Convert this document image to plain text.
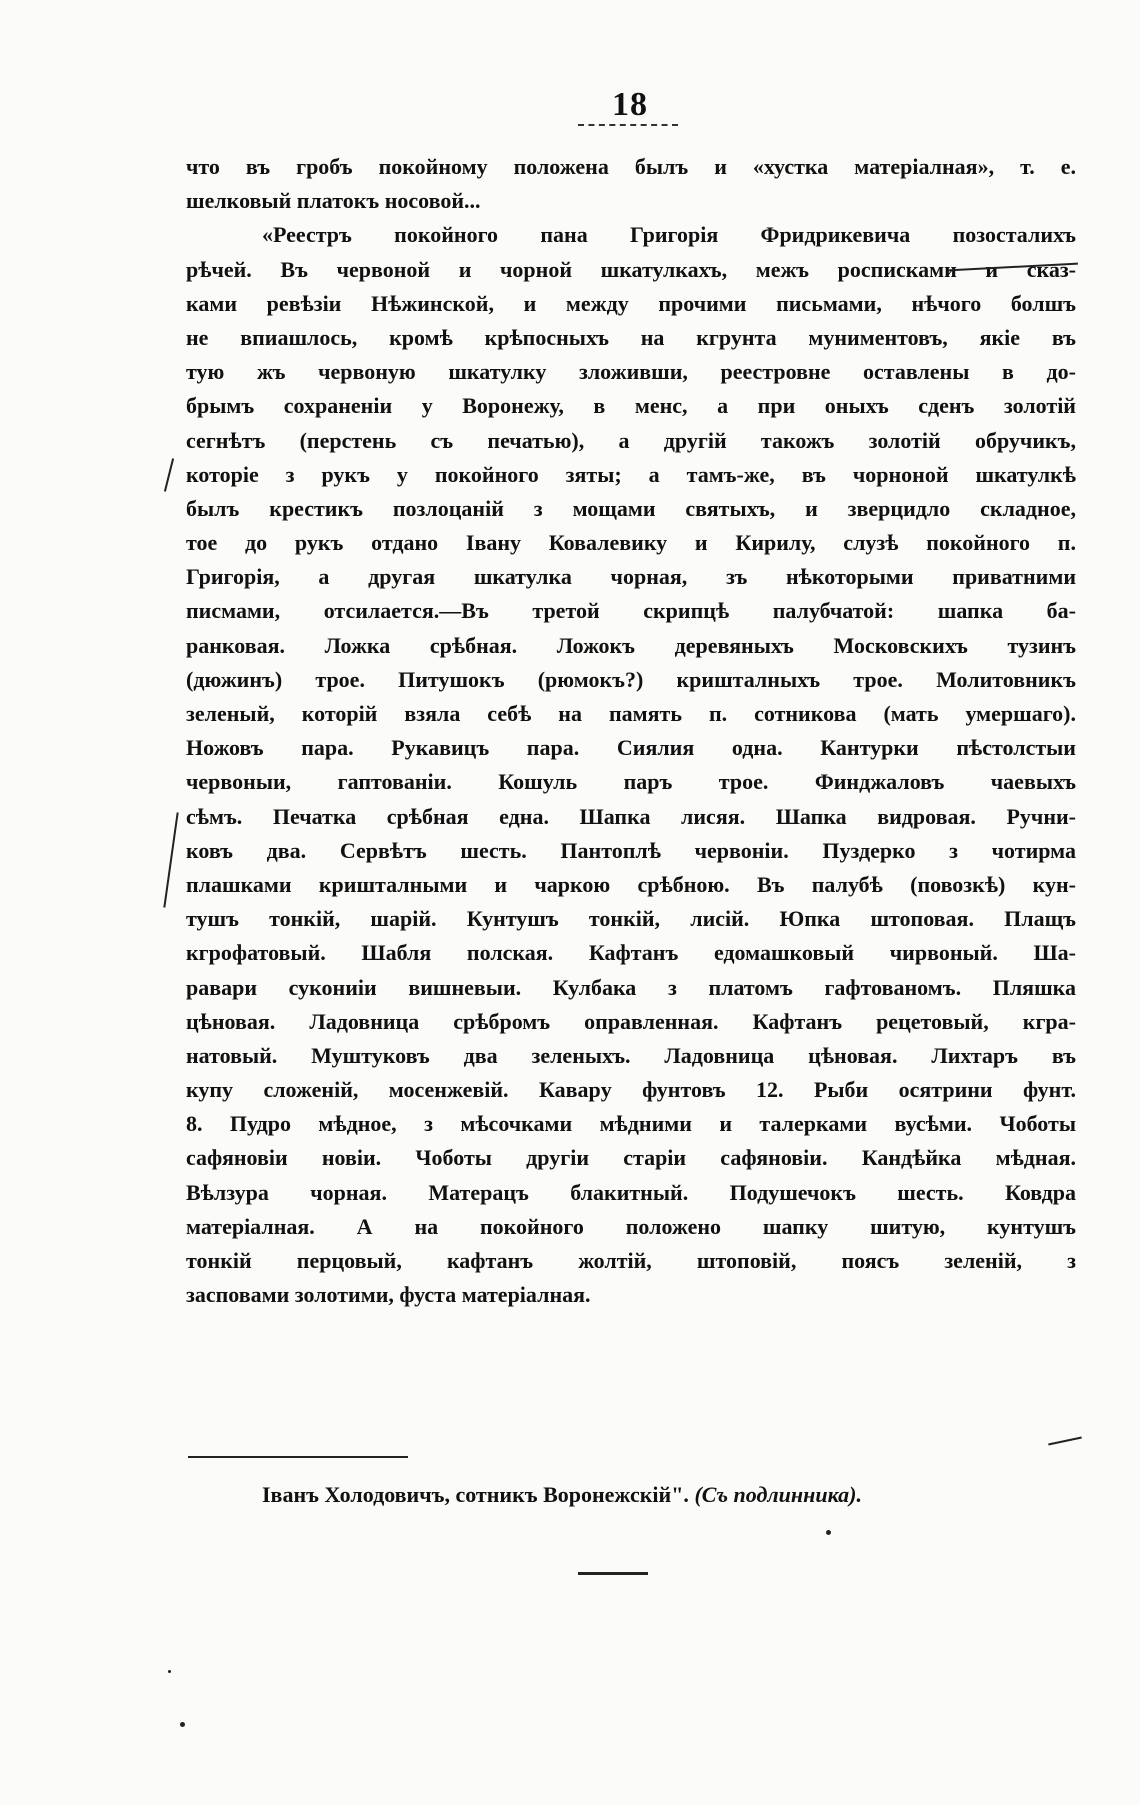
18
что въ гробъ покойному положена былъ и «хустка матеріалная», т. е.
шелковый платокъ носовой...
«Реестръ покойного пана Григорія Фридрикевича позосталихъ
рѣчей. Въ червоной и чорной шкатулкахъ, межъ росписками и сказ-
ками ревѣзіи Нѣжинской, и между прочими письмами, нѣчого болшъ
не впиашлось, кромѣ крѣпосныхъ на кгрунта муниментовъ, якіе въ
тую жъ червоную шкатулку зложивши, реестровне оставлены в до-
брымъ сохраненіи у Воронежу, в менс, а при оныхъ сденъ золотій
сегнѣтъ (перстень съ печатью), а другій такожъ золотій обручикъ,
которіе з рукъ у покойного зяты; а тамъ-же, въ чорноной шкатулкѣ
былъ крестикъ позлоцаній з мощами святыхъ, и зверцидло складное,
тое до рукъ отдано Івану Ковалевику и Кирилу, слузѣ покойного п.
Григорія, а другая шкатулка чорная, зъ нѣкоторыми приватними
писмами, отсилается.—Въ третой скрипцѣ палубчатой: шапка ба-
ранковая. Ложка срѣбная. Ложокъ деревяныхъ Московскихъ тузинъ
(дюжинъ) трое. Питушокъ (рюмокъ?) кришталныхъ трое. Молитовникъ
зеленый, которій взяла себѣ на память п. сотникова (мать умершаго).
Ножовъ пара. Рукавицъ пара. Сиялия одна. Кантурки пѣстолстыи
червоныи, гаптованіи. Кошуль паръ трое. Финджаловъ чаевыхъ
сѣмъ. Печатка срѣбная една. Шапка лисяя. Шапка видровая. Ручни-
ковъ два. Сервѣтъ шесть. Пантоплѣ червоніи. Пуздерко з чотирма
плашками кришталными и чаркою срѣбною. Въ палубѣ (повозкѣ) кун-
тушъ тонкій, шарій. Кунтушъ тонкій, лисій. Юпка штоповая. Плащъ
кгрофатовый. Шабля полская. Кафтанъ едомашковый чирвоный. Ша-
равари сукониіи вишневыи. Кулбака з платомъ гафтованомъ. Пляшка
цѣновая. Ладовница срѣбромъ оправленная. Кафтанъ рецетовый, кгра-
натовый. Муштуковъ два зеленыхъ. Ладовница цѣновая. Лихтаръ въ
купу сложеній, мосенжевій. Каварy фунтовъ 12. Рыби осятрини фунт.
8. Пудро мѣдное, з мѣсочками мѣдними и талерками вусѣми. Чоботы
сафяновіи новіи. Чоботы другіи старіи сафяновіи. Кандѣйка мѣдная.
Вѣлзура чорная. Матерацъ блакитный. Подушечокъ шесть. Ковдра
матеріалная. А на покойного положено шапку шитую, кунтушъ
тонкій перцовый, кафтанъ жолтій, штоповій, поясъ зеленій, з
засповами золотими, фуста матеріалная.
Іванъ Холодовичъ, сотникъ Воронежскій". (Съ подлинника).
